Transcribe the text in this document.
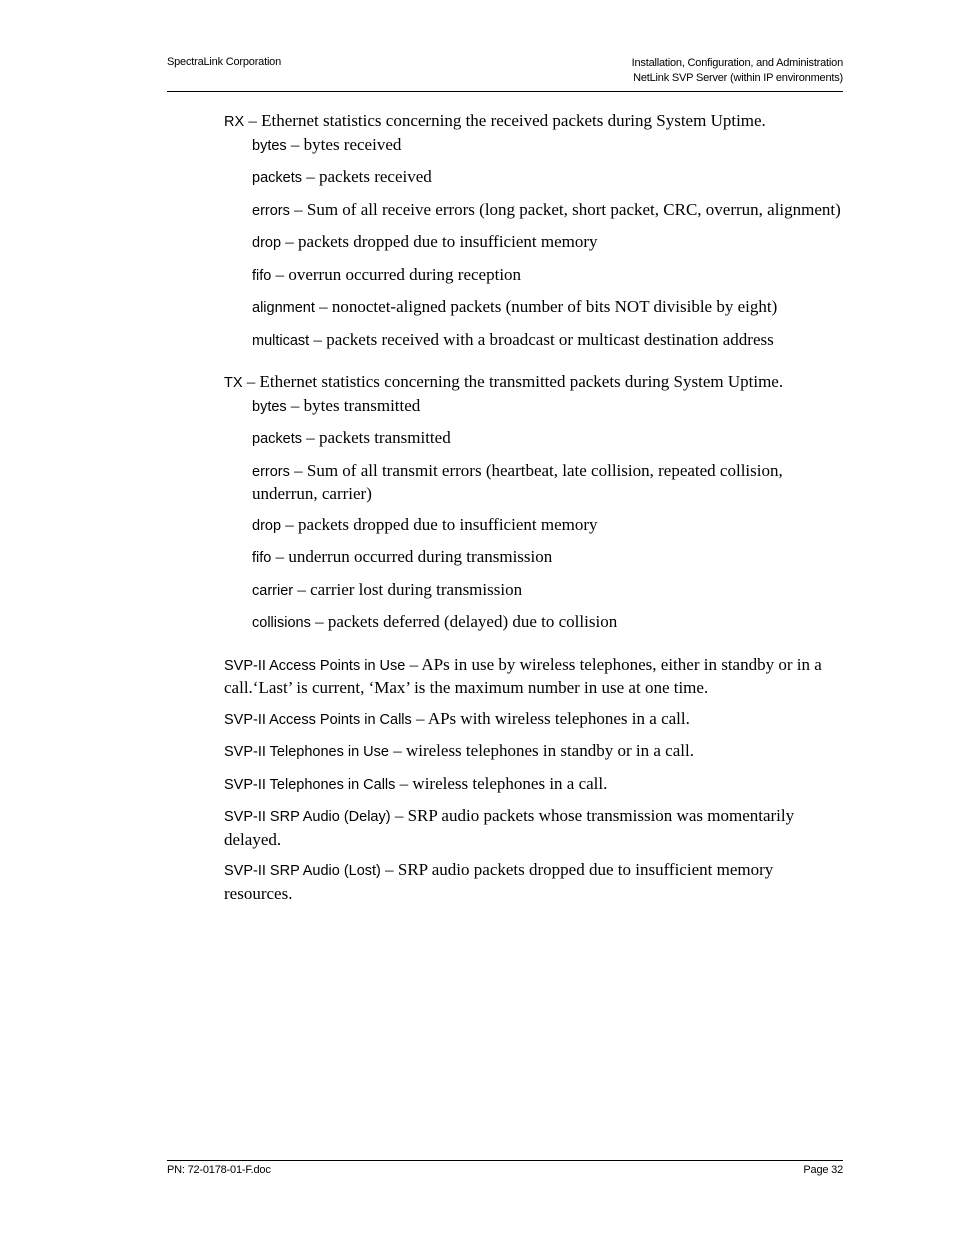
SpectraLink Corporation	Installation, Configuration, and Administration
NetLink SVP Server (within IP environments)

RX – Ethernet statistics concerning the received packets during System Uptime.

bytes – bytes received

packets – packets received

errors – Sum of all receive errors (long packet, short packet, CRC, overrun, alignment)

drop – packets dropped due to insufficient memory

fifo – overrun occurred during reception

alignment – nonoctet-aligned packets (number of bits NOT divisible by eight)

multicast – packets received with a broadcast or multicast destination address

TX – Ethernet statistics concerning the transmitted packets during System Uptime.

bytes – bytes transmitted

packets – packets transmitted

errors – Sum of all transmit errors (heartbeat, late collision, repeated collision, underrun, carrier)

drop – packets dropped due to insufficient memory

fifo – underrun occurred during transmission

carrier – carrier lost during transmission

collisions – packets deferred (delayed) due to collision

SVP-II Access Points in Use – APs in use by wireless telephones, either in standby or in a call.‘Last’ is current, ‘Max’ is the maximum number in use at one time.

SVP-II Access Points in Calls – APs with wireless telephones in a call.

SVP-II Telephones in Use – wireless telephones in standby or in a call.

SVP-II Telephones in Calls – wireless telephones in a call.

SVP-II SRP Audio (Delay) – SRP audio packets whose transmission was momentarily delayed.

SVP-II SRP Audio (Lost) – SRP audio packets dropped due to insufficient memory resources.

PN: 72-0178-01-F.doc	Page 32
